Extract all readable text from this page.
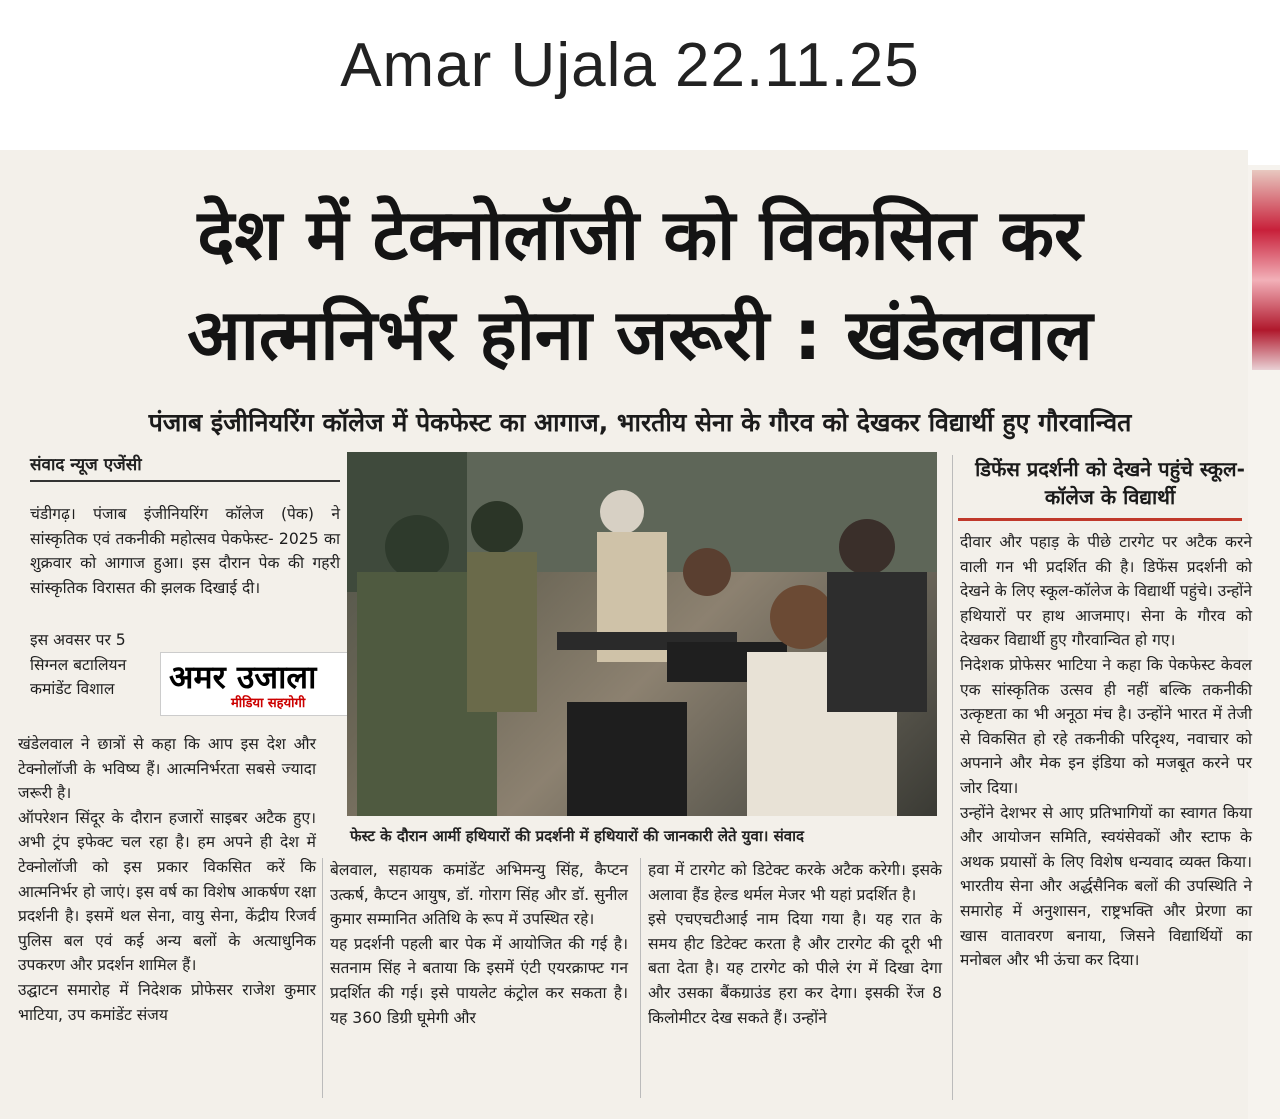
Amar Ujala 22.11.25
देश में टेक्नोलॉजी को विकसित कर
आत्मनिर्भर होना जरूरी : खंडेलवाल
पंजाब इंजीनियरिंग कॉलेज में पेकफेस्ट का आगाज, भारतीय सेना के गौरव को देखकर विद्यार्थी हुए गौरवान्वित
संवाद न्यूज एजेंसी

चंडीगढ़। पंजाब इंजीनियरिंग कॉलेज (पेक) ने सांस्कृतिक एवं तकनीकी महोत्सव पेकफेस्ट- 2025 का शुक्रवार को आगाज हुआ। इस दौरान पेक की गहरी सांस्कृतिक विरासत की झलक दिखाई दी।

इस अवसर पर 5 सिग्नल बटालियन कमांडेंट विशाल	अमर उजाला
मीडिया सहयोगी

खंडेलवाल ने छात्रों से कहा कि आप इस देश और टेक्नोलॉजी के भविष्य हैं। आत्मनिर्भरता सबसे ज्यादा जरूरी है।

ऑपरेशन सिंदूर के दौरान हजारों साइबर अटैक हुए। अभी ट्रंप इफेक्ट चल रहा है। हम अपने ही देश में टेक्नोलॉजी को इस प्रकार विकसित करें कि आत्मनिर्भर हो जाएं। इस वर्ष का विशेष आकर्षण रक्षा प्रदर्शनी है। इसमें थल सेना, वायु सेना, केंद्रीय रिजर्व पुलिस बल एवं कई अन्य बलों के अत्याधुनिक उपकरण और प्रदर्शन शामिल हैं।

उद्घाटन समारोह में निदेशक प्रोफेसर राजेश कुमार भाटिया, उप कमांडेंट संजय

फेस्ट के दौरान आर्मी हथियारों की प्रदर्शनी में हथियारों की जानकारी लेते युवा। संवाद
डिफेंस प्रदर्शनी को देखने पहुंचे स्कूल-कॉलेज के विद्यार्थी

बेलवाल, सहायक कमांडेंट अभिमन्यु सिंह, कैप्टन उत्कर्ष, कैप्टन आयुष, डॉ. गोराग सिंह और डॉ. सुनील कुमार सम्मानित अतिथि के रूप में उपस्थित रहे।

यह प्रदर्शनी पहली बार पेक में आयोजित की गई है। सतनाम सिंह ने बताया कि इसमें एंटी एयरक्राफ्ट गन प्रदर्शित की गई। इसे पायलेट कंट्रोल कर सकता है। यह 360 डिग्री घूमेगी और

हवा में टारगेट को डिटेक्ट करके अटैक करेगी। इसके अलावा हैंड हेल्ड थर्मल मेजर भी यहां प्रदर्शित है।

इसे एचएचटीआई नाम दिया गया है। यह रात के समय हीट डिटेक्ट करता है और टारगेट की दूरी भी बता देता है। यह टारगेट को पीले रंग में दिखा देगा और उसका बैंकग्राउंड हरा कर देगा। इसकी रेंज 8 किलोमीटर देख सकते हैं। उन्होंने

दीवार और पहाड़ के पीछे टारगेट पर अटैक करने वाली गन भी प्रदर्शित की है। डिफेंस प्रदर्शनी को देखने के लिए स्कूल-कॉलेज के विद्यार्थी पहुंचे। उन्होंने हथियारों पर हाथ आजमाए। सेना के गौरव को देखकर विद्यार्थी हुए गौरवान्वित हो गए।

निदेशक प्रोफेसर भाटिया ने कहा कि पेकफेस्ट केवल एक सांस्कृतिक उत्सव ही नहीं बल्कि तकनीकी उत्कृष्टता का भी अनूठा मंच है। उन्होंने भारत में तेजी से विकसित हो रहे तकनीकी परिदृश्य, नवाचार को अपनाने और मेक इन इंडिया को मजबूत करने पर जोर दिया।

उन्होंने देशभर से आए प्रतिभागियों का स्वागत किया और आयोजन समिति, स्वयंसेवकों और स्टाफ के अथक प्रयासों के लिए विशेष धन्यवाद व्यक्त किया। भारतीय सेना और अर्द्धसैनिक बलों की उपस्थिति ने समारोह में अनुशासन, राष्ट्रभक्ति और प्रेरणा का खास वातावरण बनाया, जिसने विद्यार्थियों का मनोबल और भी ऊंचा कर दिया।
